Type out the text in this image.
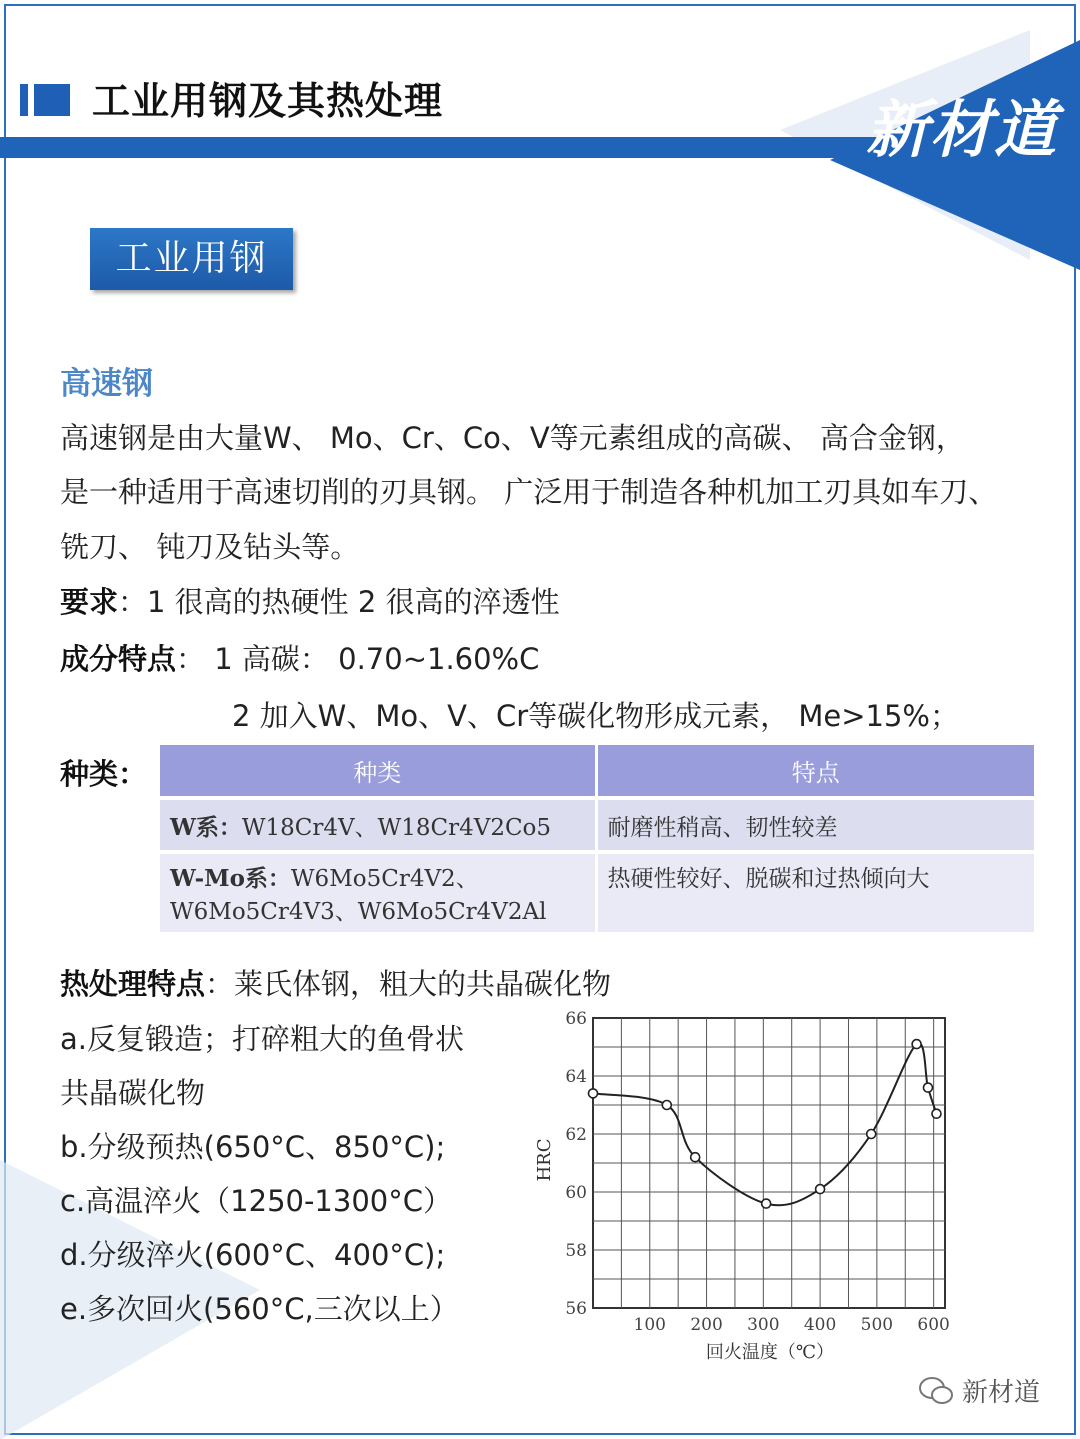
工业用钢及其热处理	新材道
工业用钢
高速钢
高速钢是由大量W、 Mo、Cr、Co、V等元素组成的高碳、 高合金钢，
是一种适用于高速切削的刃具钢。 广泛用于制造各种机加工刃具如车刀、
铣刀、 钝刀及钻头等。
要求：1 很高的热硬性 2 很高的淬透性
成分特点： 1 高碳： 0.70~1.60%C
2 加入W、Mo、V、Cr等碳化物形成元素， Me>15%；
种类：	种类	特点
W系：W18Cr4V、W18Cr4V2Co5	耐磨性稍高、韧性较差
W-Mo系：W6Mo5Cr4V2、
W6Mo5Cr4V3、W6Mo5Cr4V2Al	热硬性较好、脱碳和过热倾向大
热处理特点：莱氏体钢，粗大的共晶碳化物
a.反复锻造；打碎粗大的鱼骨状
共晶碳化物
b.分级预热(650°C、850°C);
c.高温淬火（1250-1300°C）
d.分级淬火(600°C、400°C);
e.多次回火(560°C,三次以上）
HRC
回火温度（℃）
56
58
60
62
64
66
100 200 300 400 500 600
新材道
